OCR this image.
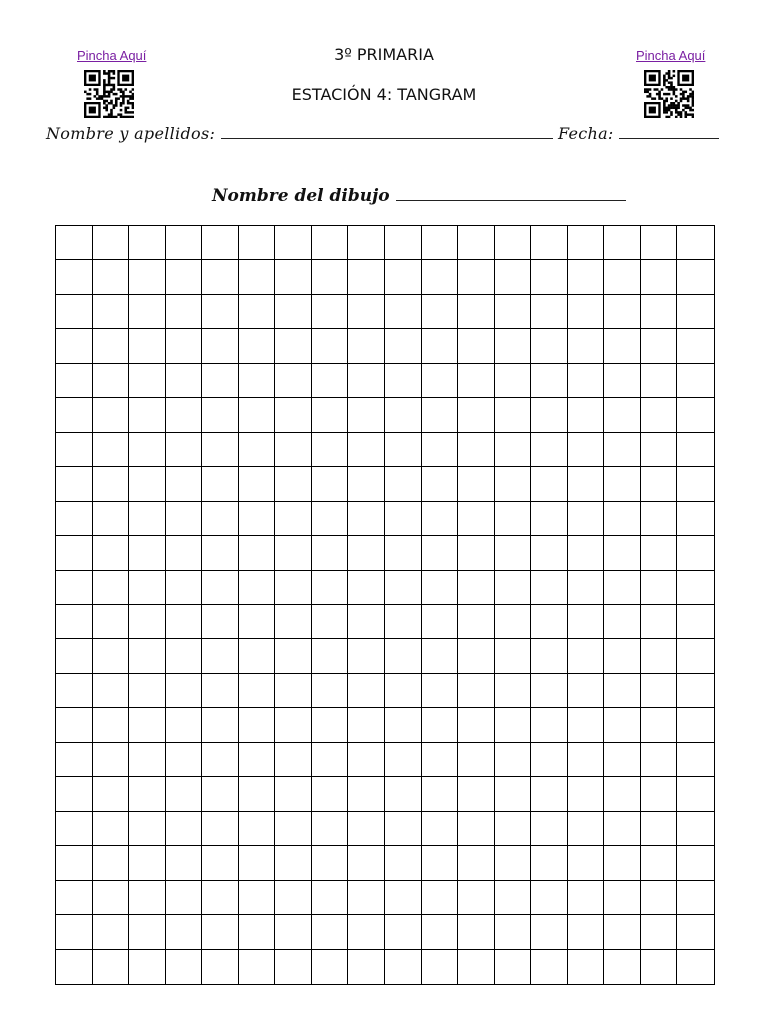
Pincha Aquí	3º PRIMARIA
ESTACIÓN 4: TANGRAM
Pincha Aquí
Nombre y apellidos:	Fecha:
Nombre del dibujo
